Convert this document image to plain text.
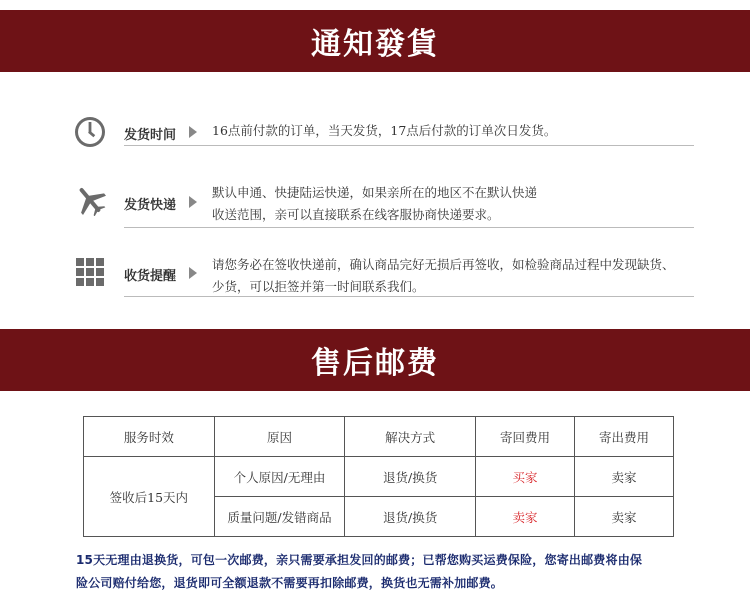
通知發貨
发货时间	16点前付款的订单，当天发货，17点后付款的订单次日发货。
发货快递
默认申通、快捷陆运快递，如果亲所在的地区不在默认快递
收送范围，亲可以直接联系在线客服协商快递要求。
收货提醒
请您务必在签收快递前，确认商品完好无损后再签收，如检验商品过程中发现缺货、
少货，可以拒签并第一时间联系我们。
售后邮费
服务时效	原因	解决方式	寄回费用	寄出费用
签收后15天内	个人原因/无理由	退货/换货	买家	卖家
	质量问题/发错商品	退货/换货	卖家	卖家
15天无理由退换货，可包一次邮费，亲只需要承担发回的邮费；已帮您购买运费保险，您寄出邮费将由保
险公司赔付给您，退货即可全额退款不需要再扣除邮费，换货也无需补加邮费。
